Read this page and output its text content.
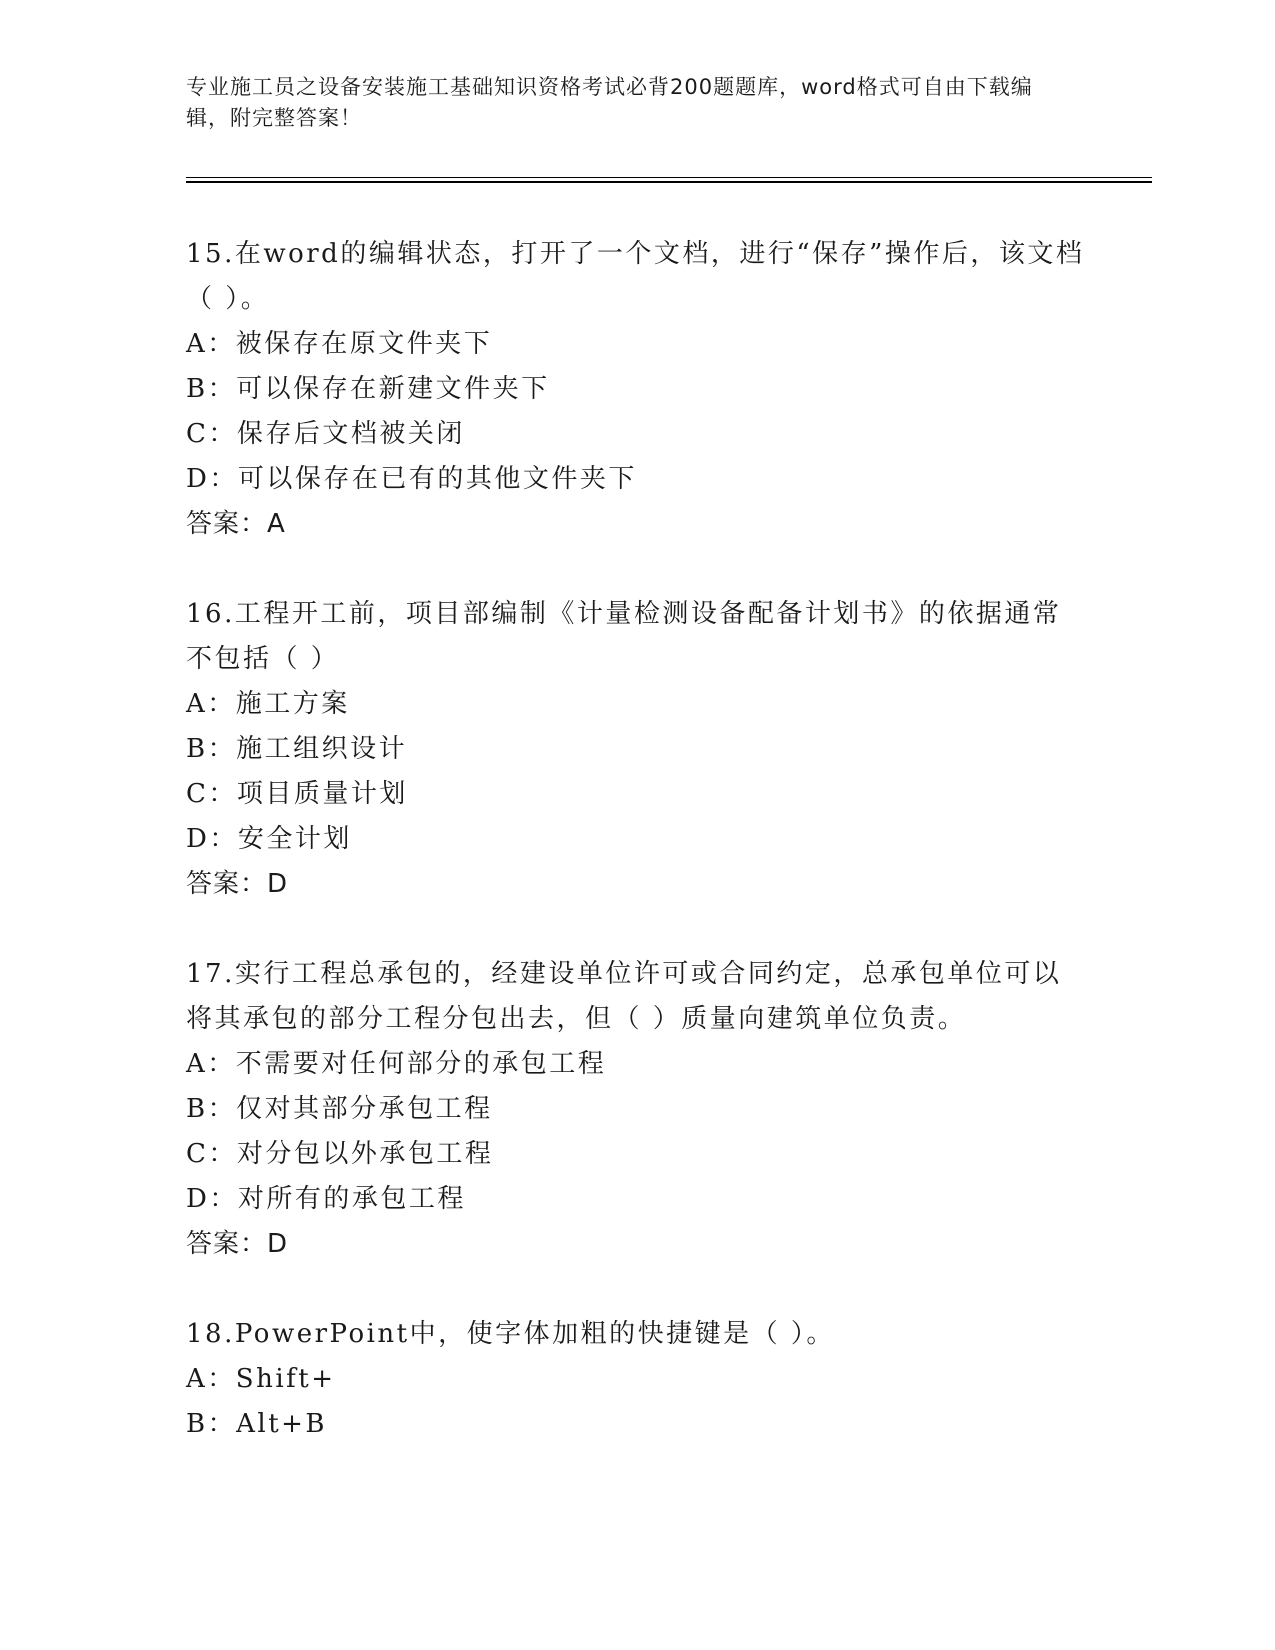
专业施工员之设备安装施工基础知识资格考试必背200题题库，word格式可自由下载编辑，附完整答案！
15.在word的编辑状态，打开了一个文档，进行“保存”操作后，该文档（ ）。
A：被保存在原文件夹下
B：可以保存在新建文件夹下
C：保存后文档被关闭
D：可以保存在已有的其他文件夹下
答案：A
16.工程开工前，项目部编制《计量检测设备配备计划书》的依据通常不包括（ ）
A：施工方案
B：施工组织设计
C：项目质量计划
D：安全计划
答案：D
17.实行工程总承包的，经建设单位许可或合同约定，总承包单位可以将其承包的部分工程分包出去，但（ ）质量向建筑单位负责。
A：不需要对任何部分的承包工程
B：仅对其部分承包工程
C：对分包以外承包工程
D：对所有的承包工程
答案：D
18.PowerPoint中，使字体加粗的快捷键是（ ）。
A：Shift+
B：Alt+B
